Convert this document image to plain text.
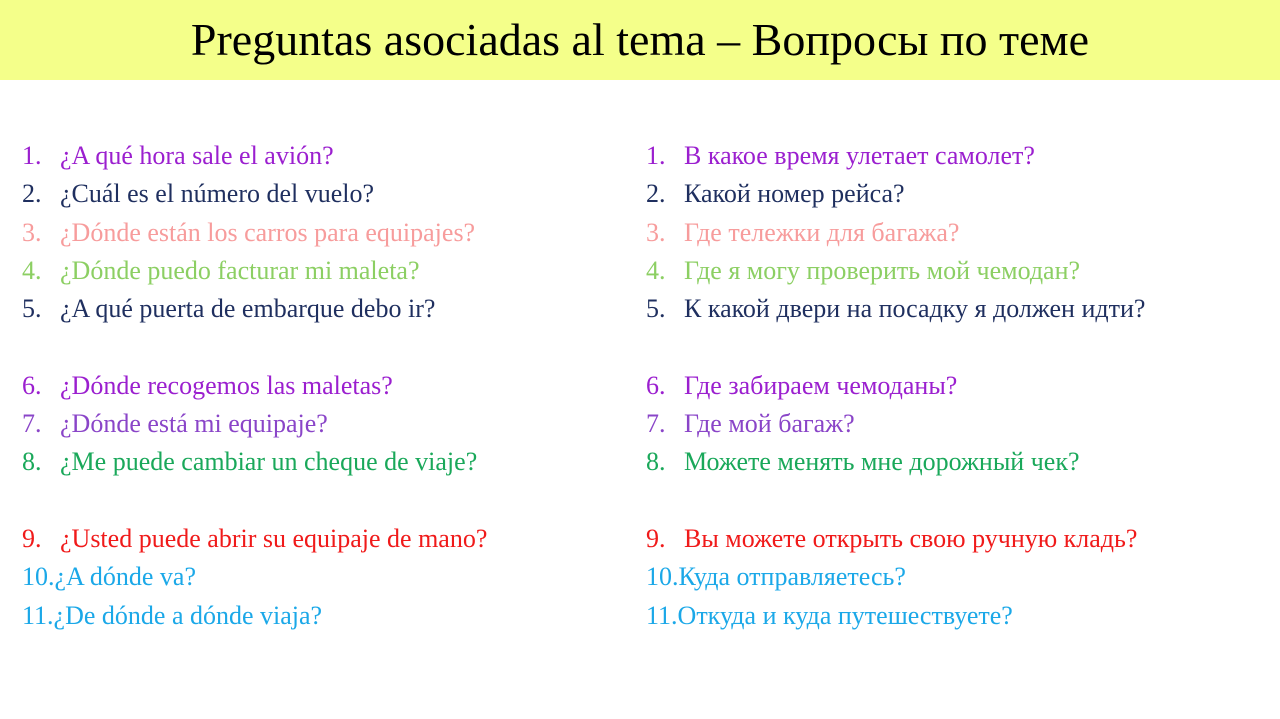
Preguntas asociadas al tema – Вопросы по теме
1. ¿A qué hora sale el avión?
2. ¿Cuál es el número del vuelo?
3. ¿Dónde están los carros para equipajes?
4. ¿Dónde puedo facturar mi maleta?
5. ¿A qué puerta de embarque debo ir?
6. ¿Dónde recogemos las maletas?
7. ¿Dónde está mi equipaje?
8. ¿Me puede cambiar un cheque de viaje?
9. ¿Usted puede abrir su equipaje de mano?
10.¿A dónde va?
11.¿De dónde a dónde viaja?
1. В какое время улетает самолет?
2. Какой номер рейса?
3. Где тележки для багажа?
4. Где я могу проверить мой чемодан?
5. К какой двери на посадку я должен идти?
6. Где забираем чемоданы?
7. Где мой багаж?
8. Можете менять мне дорожный чек?
9. Вы можете открыть свою ручную кладь?
10.Куда отправляетесь?
11.Откуда и куда путешествуете?
